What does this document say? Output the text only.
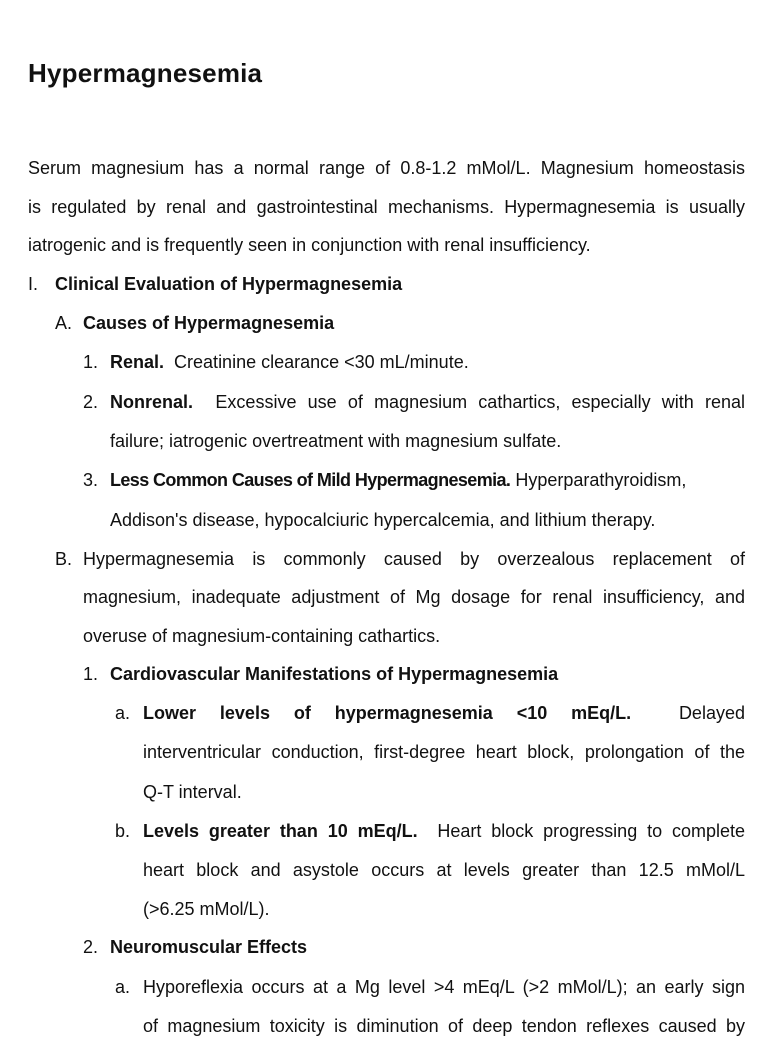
Hypermagnesemia
Serum magnesium has a normal range of 0.8-1.2 mMol/L. Magnesium homeostasis
is regulated by renal and gastrointestinal mechanisms. Hypermagnesemia is usually
iatrogenic and is frequently seen in conjunction with renal insufficiency.
I. Clinical Evaluation of Hypermagnesemia
A. Causes of Hypermagnesemia
1. Renal. Creatinine clearance <30 mL/minute.
2. Nonrenal. Excessive use of magnesium cathartics, especially with renal
failure; iatrogenic overtreatment with magnesium sulfate.
3. Less Common Causes of Mild Hypermagnesemia. Hyperparathyroidism,
Addison's disease, hypocalciuric hypercalcemia, and lithium therapy.
B. Hypermagnesemia is commonly caused by overzealous replacement of
magnesium, inadequate adjustment of Mg dosage for renal insufficiency, and
overuse of magnesium-containing cathartics.
1. Cardiovascular Manifestations of Hypermagnesemia
a. Lower levels of hypermagnesemia <10 mEq/L.	Delayed
interventricular conduction, first-degree heart block, prolongation of the
Q-T interval.
b. Levels greater than 10 mEq/L. Heart block progressing to complete
heart block and asystole occurs at levels greater than 12.5 mMol/L
(>6.25 mMol/L).
2. Neuromuscular Effects
a. Hyporeflexia occurs at a Mg level >4 mEq/L (>2 mMol/L); an early sign
of magnesium toxicity is diminution of deep tendon reflexes caused by
